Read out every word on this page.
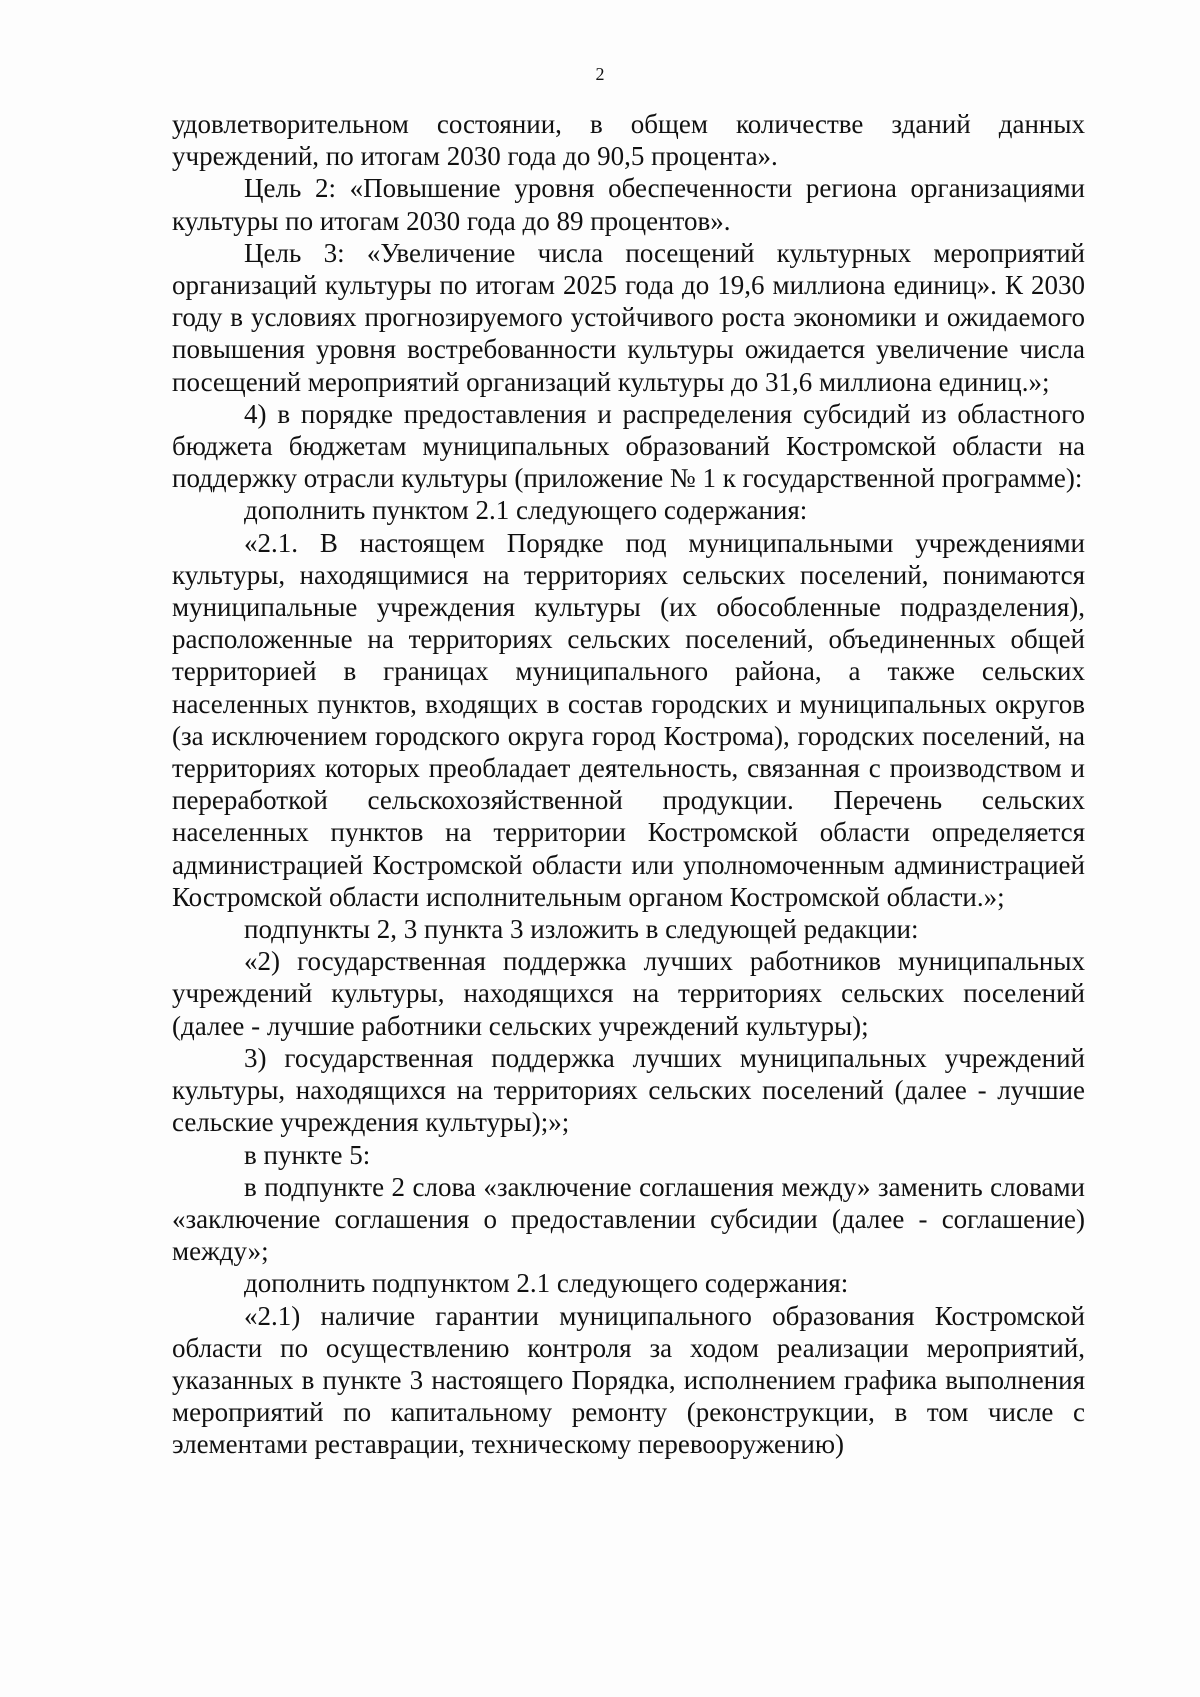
2

удовлетворительном состоянии, в общем количестве зданий данных учреждений, по итогам 2030 года до 90,5 процента».

Цель 2: «Повышение уровня обеспеченности региона организациями культуры по итогам 2030 года до 89 процентов».

Цель 3: «Увеличение числа посещений культурных мероприятий организаций культуры по итогам 2025 года до 19,6 миллиона единиц». К 2030 году в условиях прогнозируемого устойчивого роста экономики и ожидаемого повышения уровня востребованности культуры ожидается увеличение числа посещений мероприятий организаций культуры до 31,6 миллиона единиц.»;

4) в порядке предоставления и распределения субсидий из областного бюджета бюджетам муниципальных образований Костромской области на поддержку отрасли культуры (приложение № 1 к государственной программе):

дополнить пунктом 2.1 следующего содержания:

«2.1. В настоящем Порядке под муниципальными учреждениями культуры, находящимися на территориях сельских поселений, понимаются муниципальные учреждения культуры (их обособленные подразделения), расположенные на территориях сельских поселений, объединенных общей территорией в границах муниципального района, а также сельских населенных пунктов, входящих в состав городских и муниципальных округов (за исключением городского округа город Кострома), городских поселений, на территориях которых преобладает деятельность, связанная с производством и переработкой сельскохозяйственной продукции. Перечень сельских населенных пунктов на территории Костромской области определяется администрацией Костромской области или уполномоченным администрацией Костромской области исполнительным органом Костромской области.»;

подпункты 2, 3 пункта 3 изложить в следующей редакции:

«2) государственная поддержка лучших работников муниципальных учреждений культуры, находящихся на территориях сельских поселений (далее - лучшие работники сельских учреждений культуры);

3) государственная поддержка лучших муниципальных учреждений культуры, находящихся на территориях сельских поселений (далее - лучшие сельские учреждения культуры);»;

в пункте 5:

в подпункте 2 слова «заключение соглашения между» заменить словами «заключение соглашения о предоставлении субсидии (далее - соглашение) между»;

дополнить подпунктом 2.1 следующего содержания:

«2.1) наличие гарантии муниципального образования Костромской области по осуществлению контроля за ходом реализации мероприятий, указанных в пункте 3 настоящего Порядка, исполнением графика выполнения мероприятий по капитальному ремонту (реконструкции, в том числе с элементами реставрации, техническому перевооружению)
